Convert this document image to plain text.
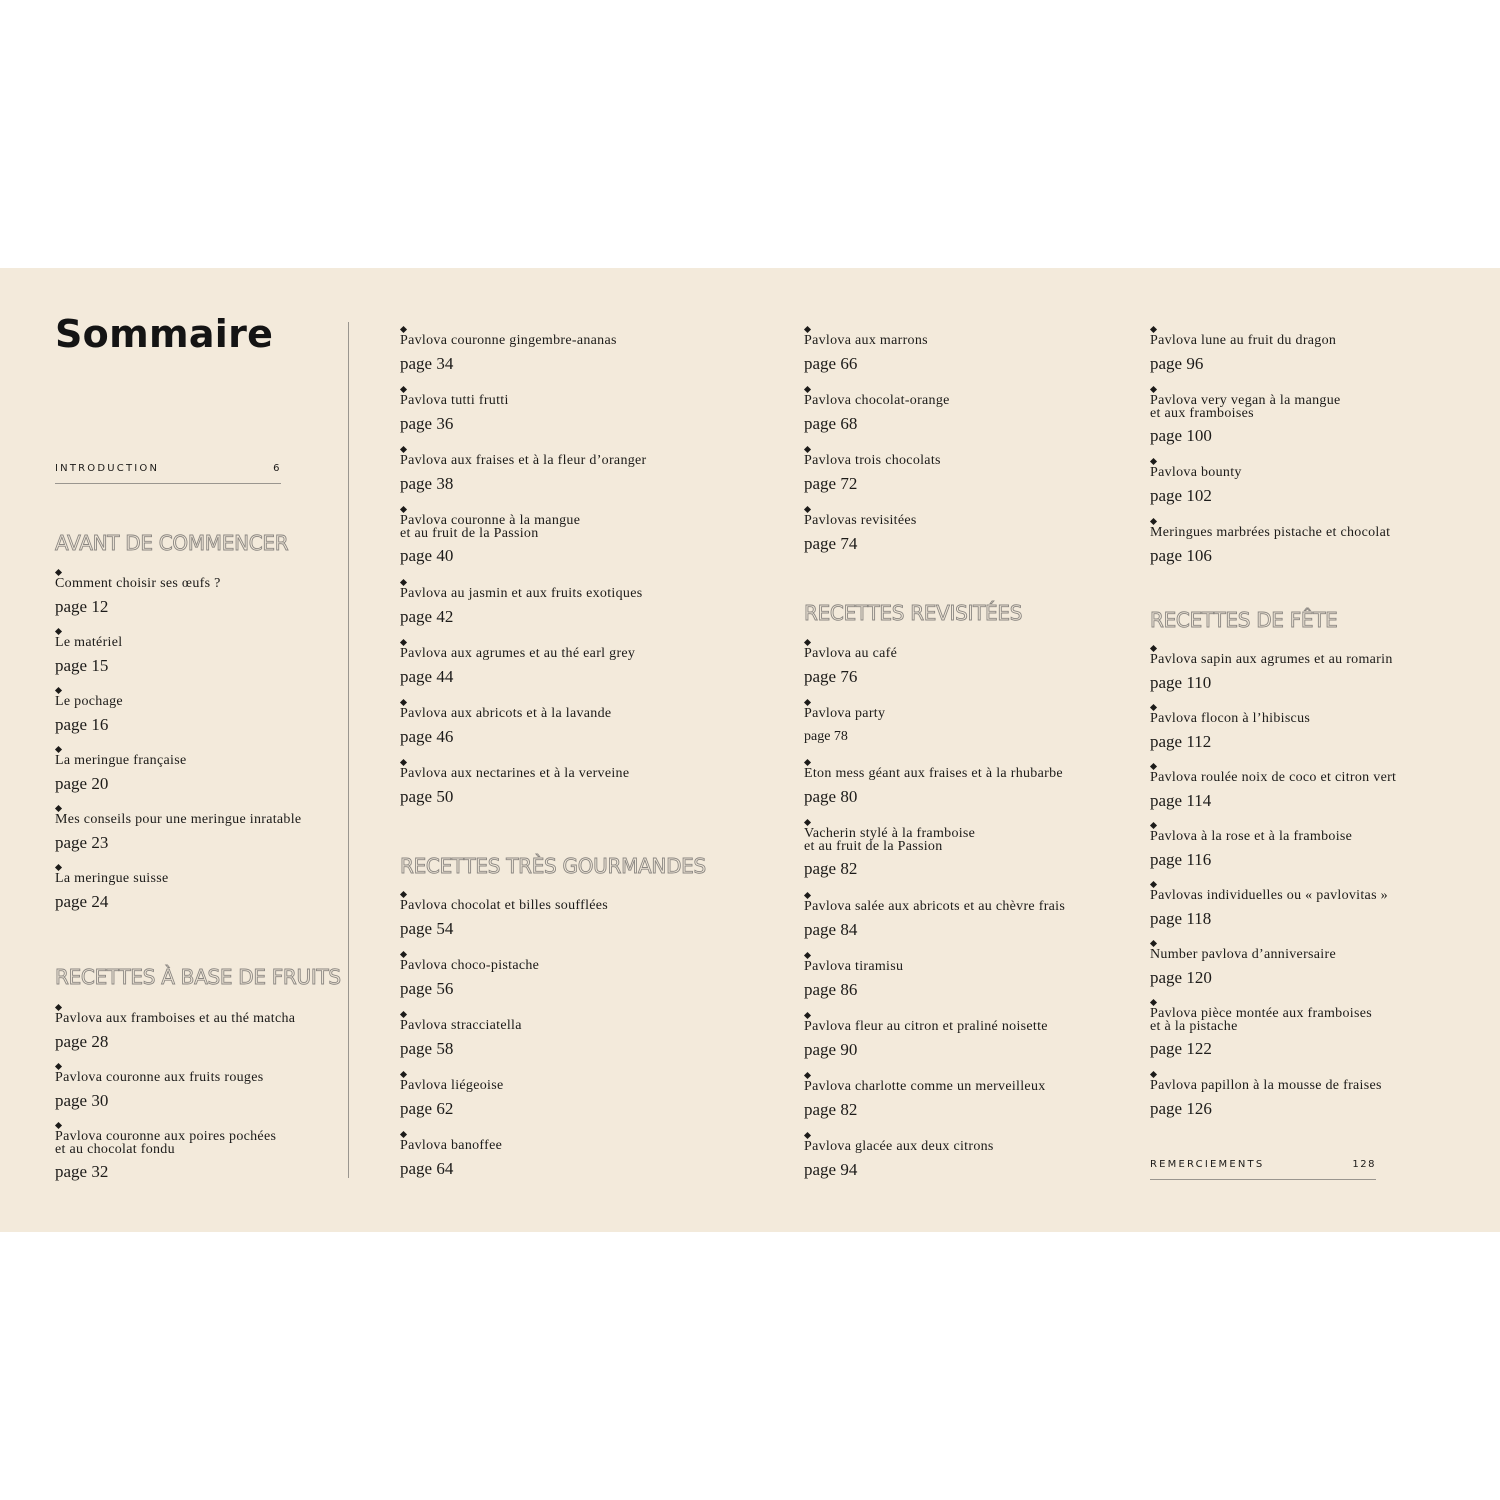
Sommaire
INTRODUCTION	6
AVANT DE COMMENCER
Comment choisir ses œufs ?
page 12
Le matériel
page 15
Le pochage
page 16
La meringue française
page 20
Mes conseils pour une meringue inratable
page 23
La meringue suisse
page 24
RECETTES À BASE DE FRUITS
Pavlova aux framboises et au thé matcha
page 28
Pavlova couronne aux fruits rouges
page 30
Pavlova couronne aux poires pochées
et au chocolat fondu
page 32
Pavlova couronne gingembre-ananas
page 34
Pavlova tutti frutti
page 36
Pavlova aux fraises et à la fleur d’oranger
page 38
Pavlova couronne à la mangue
et au fruit de la Passion
page 40
Pavlova au jasmin et aux fruits exotiques
page 42
Pavlova aux agrumes et au thé earl grey
page 44
Pavlova aux abricots et à la lavande
page 46
Pavlova aux nectarines et à la verveine
page 50
RECETTES TRÈS GOURMANDES
Pavlova chocolat et billes soufflées
page 54
Pavlova choco-pistache
page 56
Pavlova stracciatella
page 58
Pavlova liégeoise
page 62
Pavlova banoffee
page 64
Pavlova aux marrons
page 66
Pavlova chocolat-orange
page 68
Pavlova trois chocolats
page 72
Pavlovas revisitées
page 74
RECETTES REVISITÉES
Pavlova au café
page 76
Pavlova party
page 78
Eton mess géant aux fraises et à la rhubarbe
page 80
Vacherin stylé à la framboise
et au fruit de la Passion
page 82
Pavlova salée aux abricots et au chèvre frais
page 84
Pavlova tiramisu
page 86
Pavlova fleur au citron et praliné noisette
page 90
Pavlova charlotte comme un merveilleux
page 82
Pavlova glacée aux deux citrons
page 94
Pavlova lune au fruit du dragon
page 96
Pavlova very vegan à la mangue
et aux framboises
page 100
Pavlova bounty
page 102
Meringues marbrées pistache et chocolat
page 106
RECETTES DE FÊTE
Pavlova sapin aux agrumes et au romarin
page 110
Pavlova flocon à l’hibiscus
page 112
Pavlova roulée noix de coco et citron vert
page 114
Pavlova à la rose et à la framboise
page 116
Pavlovas individuelles ou « pavlovitas »
page 118
Number pavlova d’anniversaire
page 120
Pavlova pièce montée aux framboises
et à la pistache
page 122
Pavlova papillon à la mousse de fraises
page 126
REMERCIEMENTS	128
